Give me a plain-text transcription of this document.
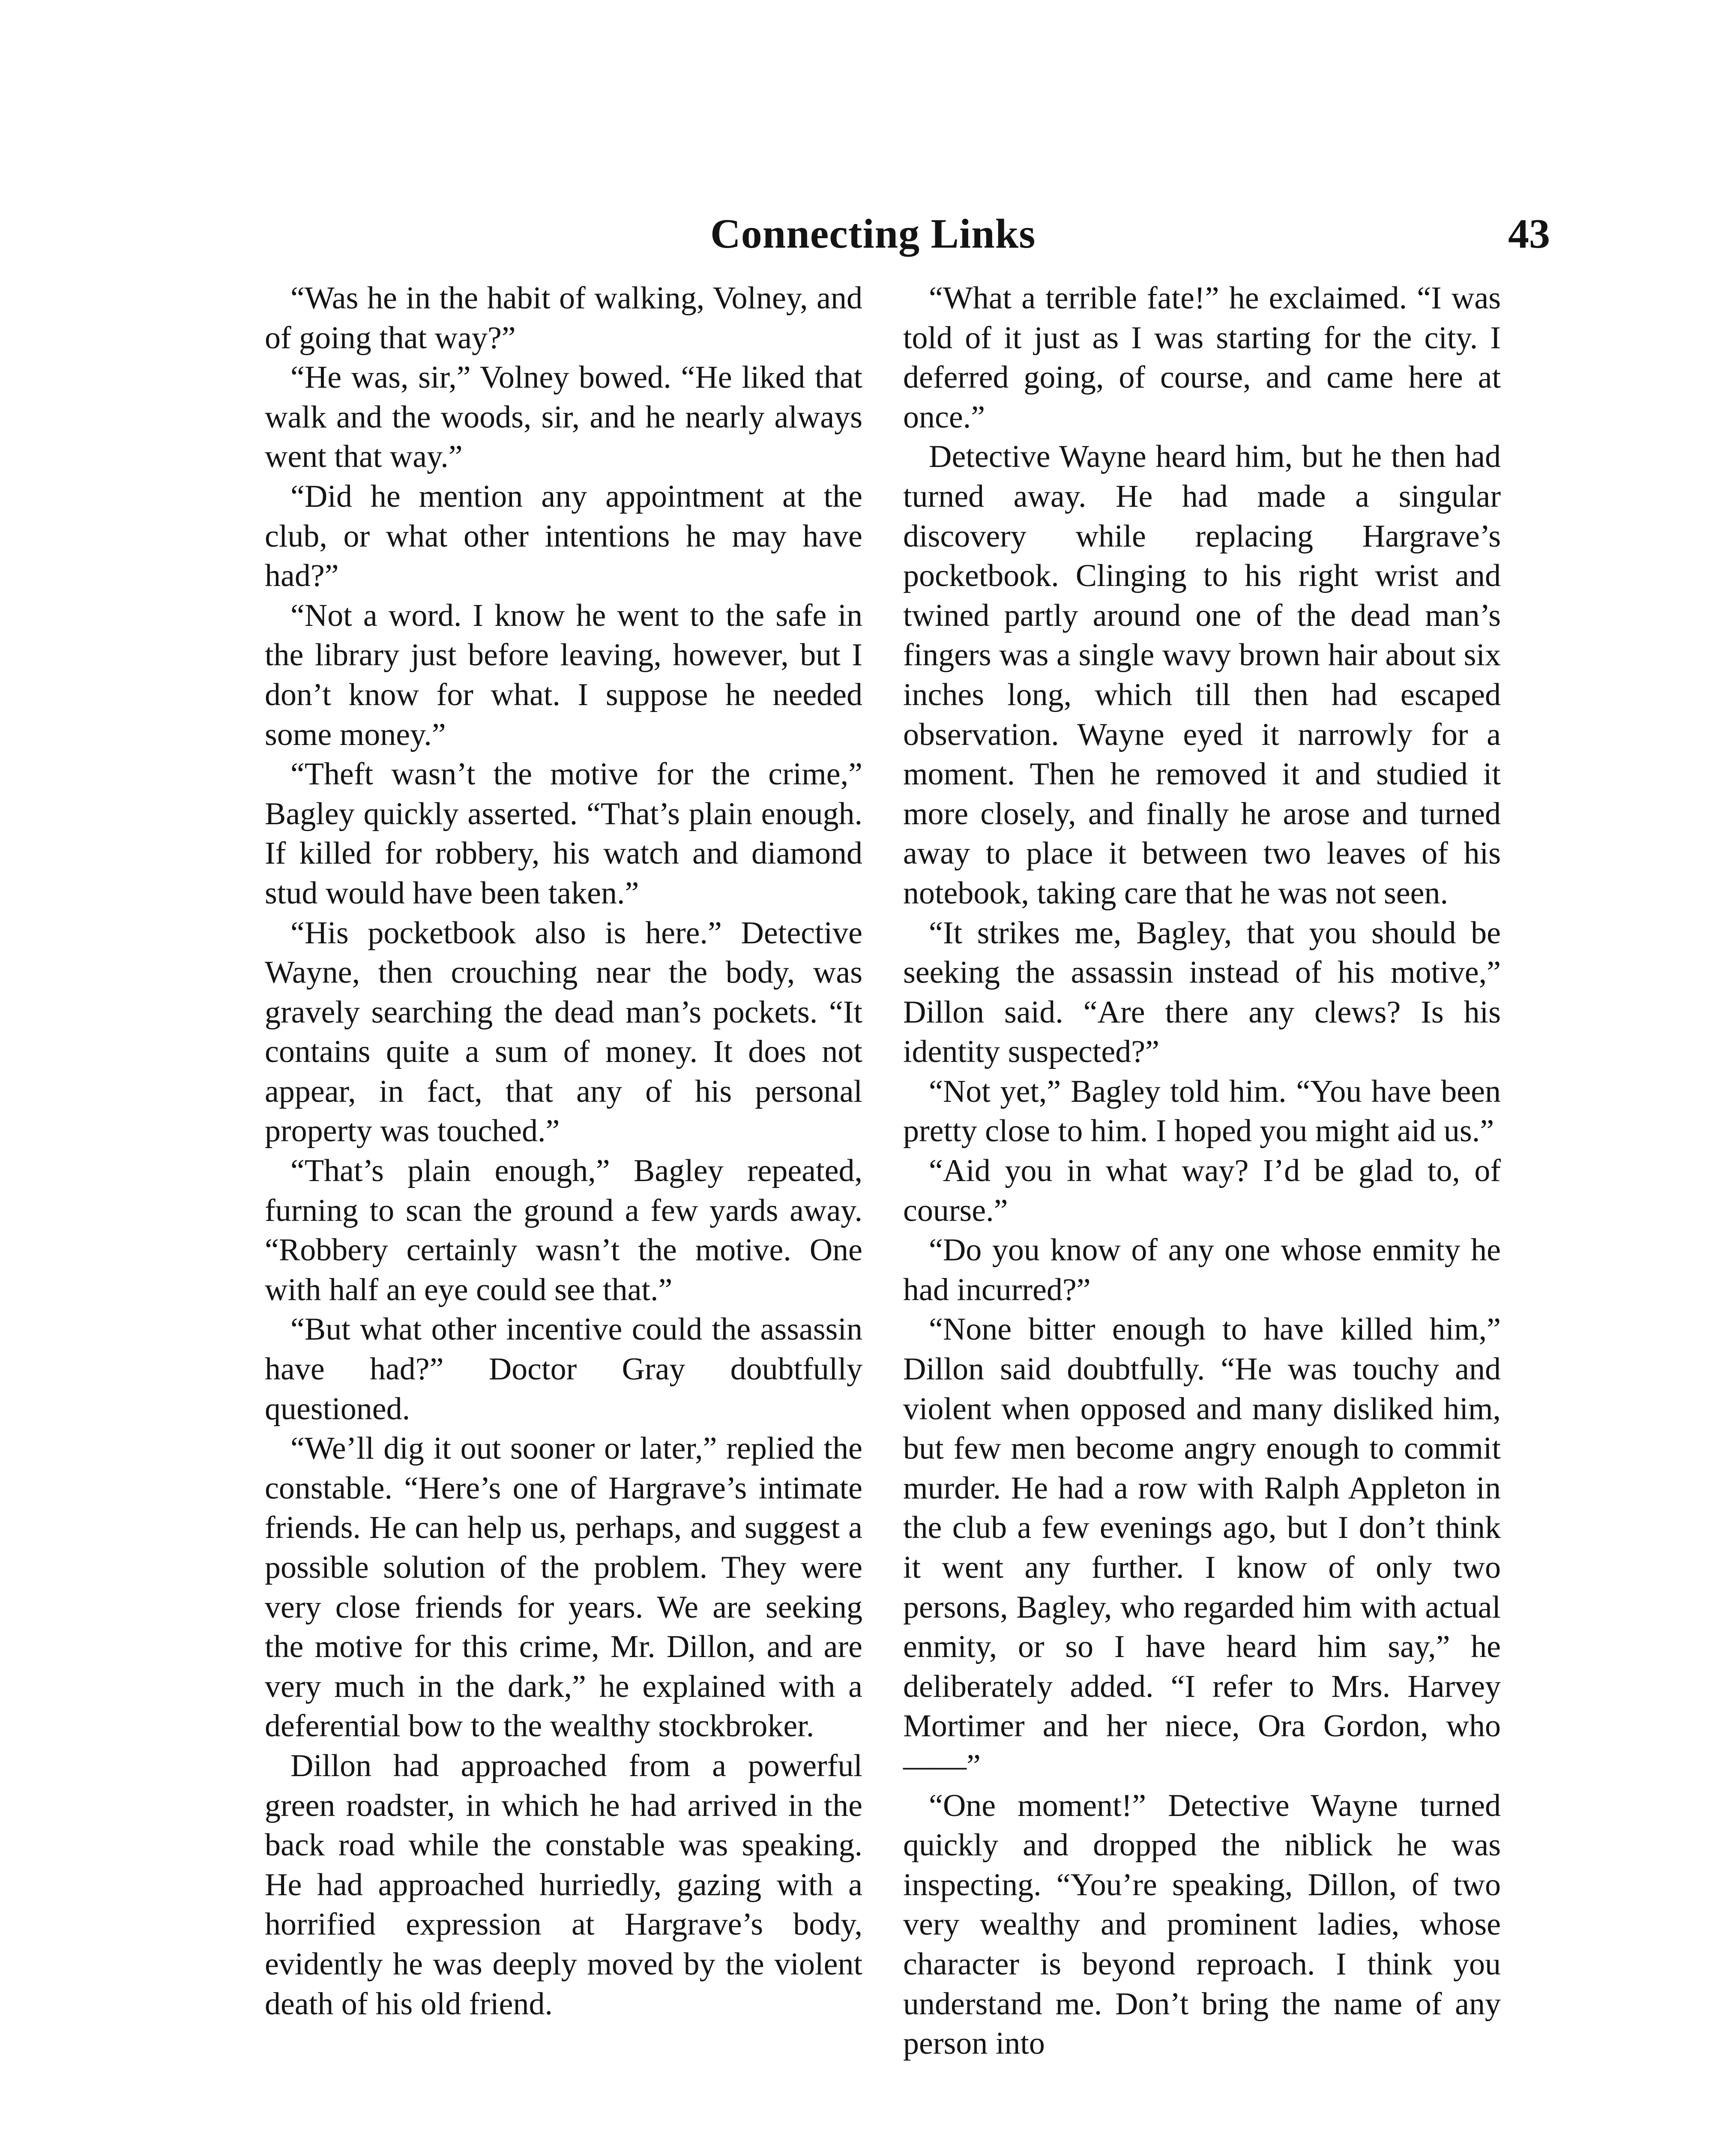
Connecting Links	43

“Was he in the habit of walking, Volney, and of going that way?”

“He was, sir,” Volney bowed. “He liked that walk and the woods, sir, and he nearly always went that way.”

“Did he mention any appointment at the club, or what other intentions he may have had?”

“Not a word. I know he went to the safe in the library just before leaving, however, but I don’t know for what. I suppose he needed some money.”

“Theft wasn’t the motive for the crime,” Bagley quickly asserted. “That’s plain enough. If killed for robbery, his watch and diamond stud would have been taken.”

“His pocketbook also is here.” Detective Wayne, then crouching near the body, was gravely searching the dead man’s pockets. “It contains quite a sum of money. It does not appear, in fact, that any of his personal property was touched.”

“That’s plain enough,” Bagley repeated, furning to scan the ground a few yards away. “Robbery certainly wasn’t the motive. One with half an eye could see that.”

“But what other incentive could the assassin have had?” Doctor Gray doubtfully questioned.

“We’ll dig it out sooner or later,” replied the constable. “Here’s one of Hargrave’s intimate friends. He can help us, perhaps, and suggest a possible solution of the problem. They were very close friends for years. We are seeking the motive for this crime, Mr. Dillon, and are very much in the dark,” he explained with a deferential bow to the wealthy stockbroker.

Dillon had approached from a powerful green roadster, in which he had arrived in the back road while the constable was speaking. He had approached hurriedly, gazing with a horrified expression at Hargrave’s body, evidently he was deeply moved by the violent death of his old friend.

“What a terrible fate!” he exclaimed. “I was told of it just as I was starting for the city. I deferred going, of course, and came here at once.”

Detective Wayne heard him, but he then had turned away. He had made a singular discovery while replacing Hargrave’s pocketbook. Clinging to his right wrist and twined partly around one of the dead man’s fingers was a single wavy brown hair about six inches long, which till then had escaped observation. Wayne eyed it narrowly for a moment. Then he removed it and studied it more closely, and finally he arose and turned away to place it between two leaves of his notebook, taking care that he was not seen.

“It strikes me, Bagley, that you should be seeking the assassin instead of his motive,” Dillon said. “Are there any clews? Is his identity suspected?”

“Not yet,” Bagley told him. “You have been pretty close to him. I hoped you might aid us.”

“Aid you in what way? I’d be glad to, of course.”

“Do you know of any one whose enmity he had incurred?”

“None bitter enough to have killed him,” Dillon said doubtfully. “He was touchy and violent when opposed and many disliked him, but few men become angry enough to commit murder. He had a row with Ralph Appleton in the club a few evenings ago, but I don’t think it went any further. I know of only two persons, Bagley, who regarded him with actual enmity, or so I have heard him say,” he deliberately added. “I refer to Mrs. Harvey Mortimer and her niece, Ora Gordon, who——”

“One moment!” Detective Wayne turned quickly and dropped the niblick he was inspecting. “You’re speaking, Dillon, of two very wealthy and prominent ladies, whose character is beyond reproach. I think you understand me. Don’t bring the name of any person into
